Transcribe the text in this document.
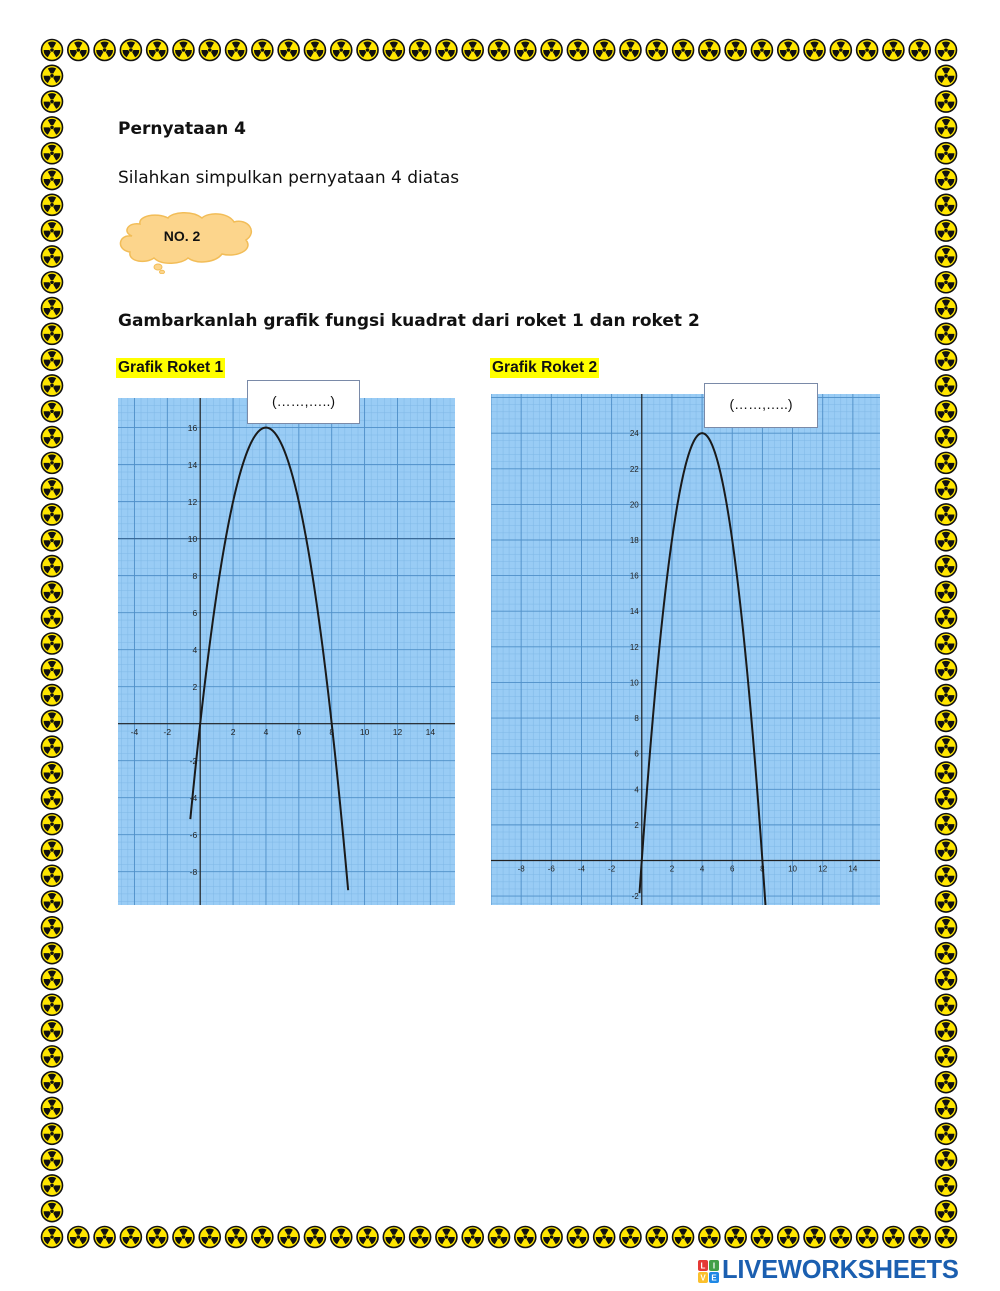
Pernyataan 4
Silahkan simpulkan pernyataan 4 diatas
NO. 2
Gambarkanlah grafik fungsi kuadrat dari roket 1 dan roket 2
Grafik Roket 1	Grafik Roket 2
-4	-2	2	4	6	8	10	12	14
-8
-6
-4
-2
2
4
6
8
10
12
14
16
-8	-6	-4	-2	2	4	6	8	10	12	14
-2
2
4
6
8
10
12
14
16
18
20
22
24
(……,…..)	(……,…..)
L I
V E LIVEWORKSHEETS
